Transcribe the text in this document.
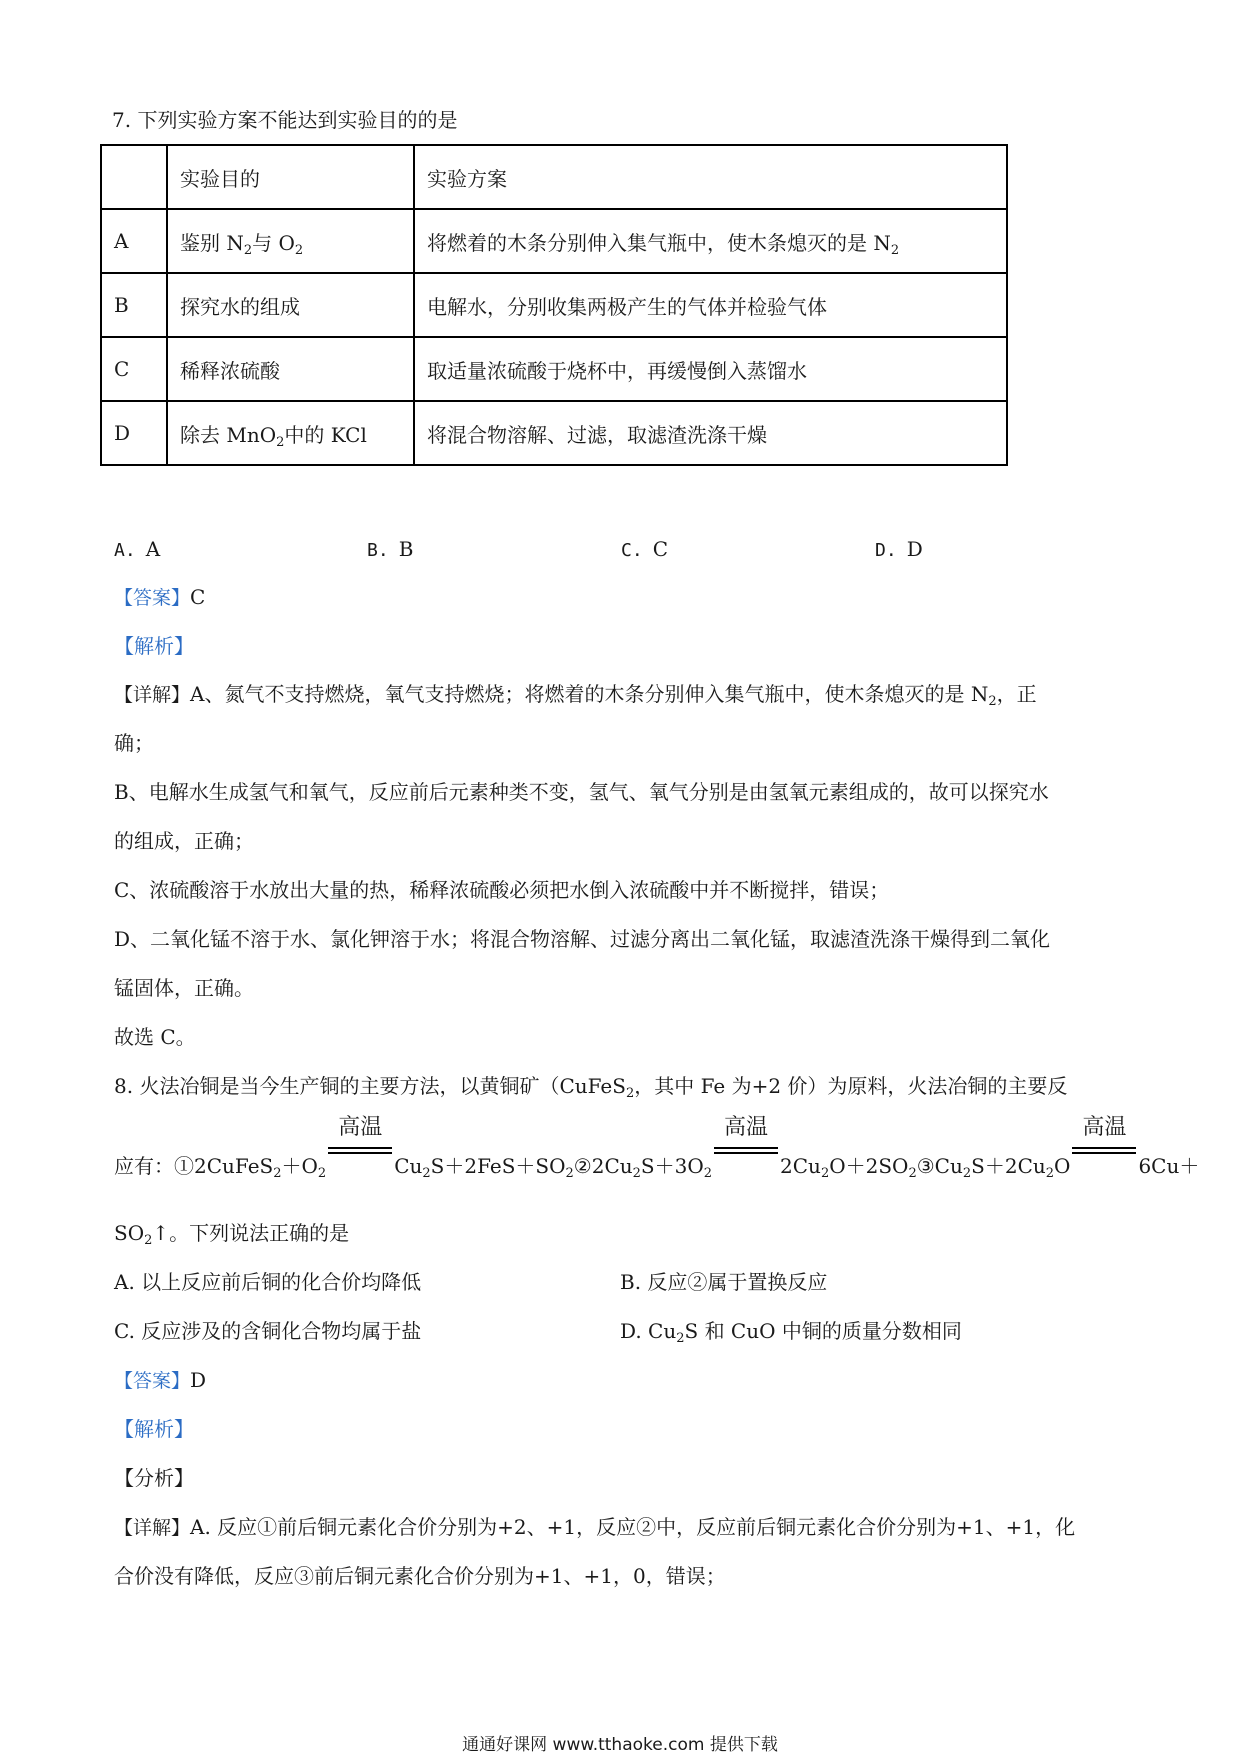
7. 下列实验方案不能达到实验目的的是
	实验目的	实验方案
A	鉴别 $N_2$与 $O_2$	将燃着的木条分别伸入集气瓶中，使木条熄灭的是 $N_2$
B	探究水的组成	电解水，分别收集两极产生的气体并检验气体
C	稀释浓硫酸	取适量浓硫酸于烧杯中，再缓慢倒入蒸馏水
D	除去 MnO$_2$中的 KCl	将混合物溶解、过滤，取滤渣洗涤干燥
A. A	B. B	C. C	D. D
【答案】C
【解析】
【详解】A、氮气不支持燃烧，氧气支持燃烧；将燃着的木条分别伸入集气瓶中，使木条熄灭的是 $N_2$，正
确；
B、电解水生成氢气和氧气，反应前后元素种类不变，氢气、氧气分别是由氢氧元素组成的，故可以探究水
的组成，正确；
C、浓硫酸溶于水放出大量的热，稀释浓硫酸必须把水倒入浓硫酸中并不断搅拌，错误；
D、二氧化锰不溶于水、氯化钾溶于水；将混合物溶解、过滤分离出二氧化锰，取滤渣洗涤干燥得到二氧化
锰固体，正确。
故选 C。
8. 火法冶铜是当今生产铜的主要方法，以黄铜矿（CuFeS$_2$，其中 Fe 为+2 价）为原料，火法冶铜的主要反
应有：$①2CuFeS_2+O_2$
高温
$Cu_2S+2FeS+SO_2②2Cu_2S+3O_2$
高温
$2Cu_2O+2SO_2③Cu_2S+2Cu_2O$
高温
6Cu＋
$SO_2↑$。下列说法正确的是
A. 以上反应前后铜的化合价均降低	B. 反应②属于置换反应
C. 反应涉及的含铜化合物均属于盐	D. $Cu_2S$ 和 CuO 中铜的质量分数相同
【答案】D
【解析】
【分析】
【详解】A. 反应①前后铜元素化合价分别为+2、+1，反应②中，反应前后铜元素化合价分别为+1、+1，化
合价没有降低，反应③前后铜元素化合价分别为+1、+1，0，错误；
通通好课网 www.tthaoke.com 提供下载
